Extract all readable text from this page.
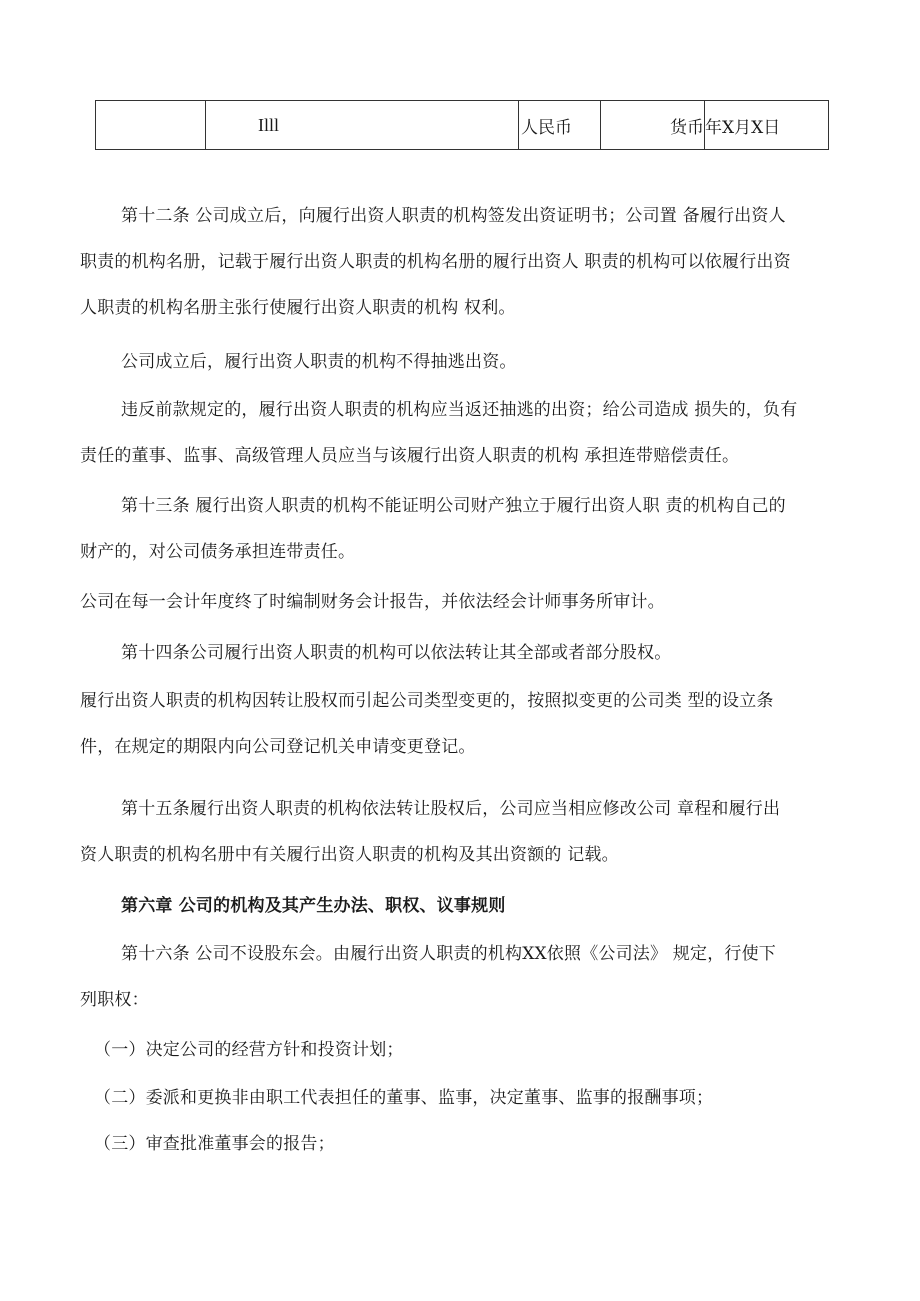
	Illl	人民币	货币	年X月X日
第十二条 公司成立后，向履行出资人职责的机构签发出资证明书；公司置 备履行出资人
职责的机构名册，记载于履行出资人职责的机构名册的履行出资人 职责的机构可以依履行出资
人职责的机构名册主张行使履行出资人职责的机构 权利。
公司成立后，履行出资人职责的机构不得抽逃出资。
违反前款规定的，履行出资人职责的机构应当返还抽逃的出资；给公司造成 损失的，负有
责任的董事、监事、高级管理人员应当与该履行出资人职责的机构 承担连带赔偿责任。
第十三条 履行出资人职责的机构不能证明公司财产独立于履行出资人职 责的机构自己的
财产的，对公司债务承担连带责任。
公司在每一会计年度终了时编制财务会计报告，并依法经会计师事务所审计。
第十四条公司履行出资人职责的机构可以依法转让其全部或者部分股权。
履行出资人职责的机构因转让股权而引起公司类型变更的，按照拟变更的公司类 型的设立条
件，在规定的期限内向公司登记机关申请变更登记。
第十五条履行出资人职责的机构依法转让股权后，公司应当相应修改公司 章程和履行出
资人职责的机构名册中有关履行出资人职责的机构及其出资额的 记载。
第六章 公司的机构及其产生办法、职权、议事规则
第十六条 公司不设股东会。由履行出资人职责的机构XX依照《公司法》 规定，行使下
列职权：
（一）决定公司的经营方针和投资计划；
（二）委派和更换非由职工代表担任的董事、监事，决定董事、监事的报酬事项；
（三）审查批准董事会的报告；
